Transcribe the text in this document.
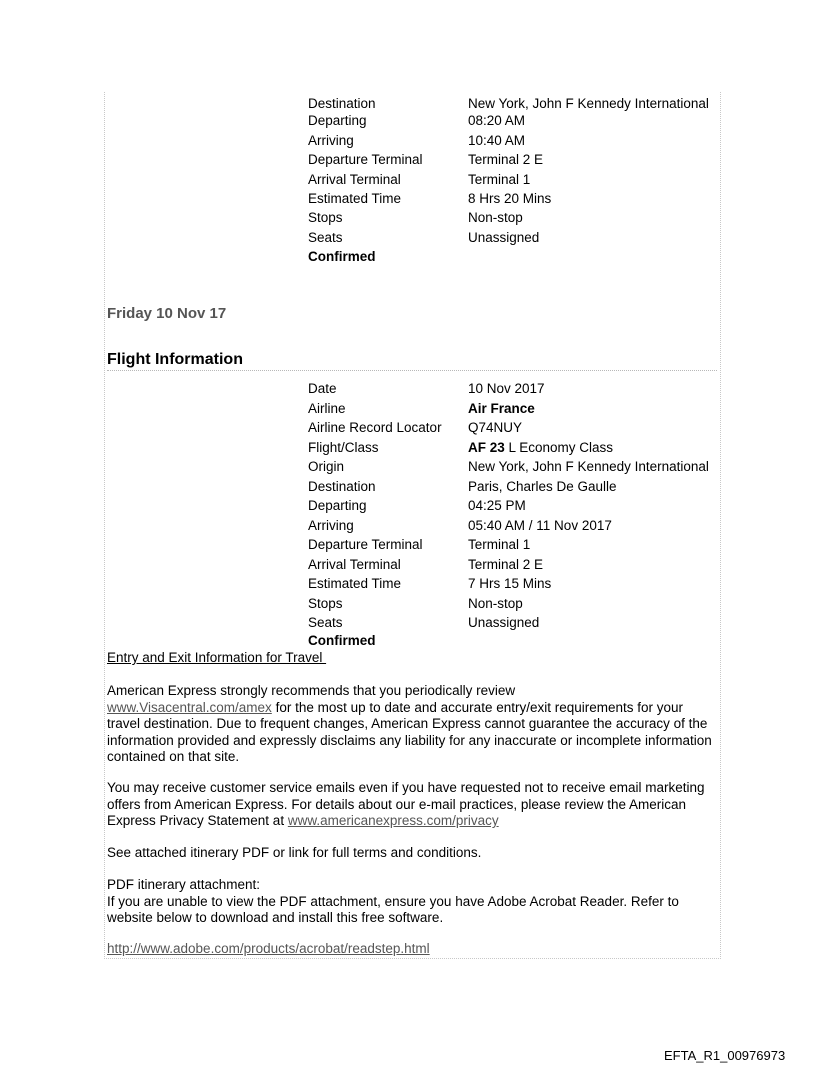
Destination	New York, John F Kennedy International
Departing	08:20 AM
Arriving	10:40 AM
Departure Terminal	Terminal 2 E
Arrival Terminal	Terminal 1
Estimated Time	8 Hrs 20 Mins
Stops	Non-stop
Seats	Unassigned
Confirmed
Friday 10 Nov 17
Flight Information
Date	10 Nov 2017
Airline	Air France
Airline Record Locator Q74NUY
Flight/Class	AF 23 L Economy Class
Origin	New York, John F Kennedy International
Destination	Paris, Charles De Gaulle
Departing	04:25 PM
Arriving	05:40 AM / 11 Nov 2017
Departure Terminal	Terminal 1
Arrival Terminal	Terminal 2 E
Estimated Time	7 Hrs 15 Mins
Stops	Non-stop
Seats	Unassigned
Confirmed
Entry and Exit Information for Travel
American Express strongly recommends that you periodically review
www.Visacentral.com/amex for the most up to date and accurate entry/exit requirements for your travel destination. Due to frequent changes, American Express cannot guarantee the accuracy of the information provided and expressly disclaims any liability for any inaccurate or incomplete information contained on that site.
You may receive customer service emails even if you have requested not to receive email marketing offers from American Express. For details about our e-mail practices, please review the American Express Privacy Statement at www.americanexpress.com/privacy
See attached itinerary PDF or link for full terms and conditions.
PDF itinerary attachment:
If you are unable to view the PDF attachment, ensure you have Adobe Acrobat Reader. Refer to website below to download and install this free software.
http://www.adobe.com/products/acrobat/readstep.html
EFTA_R1_00976973
